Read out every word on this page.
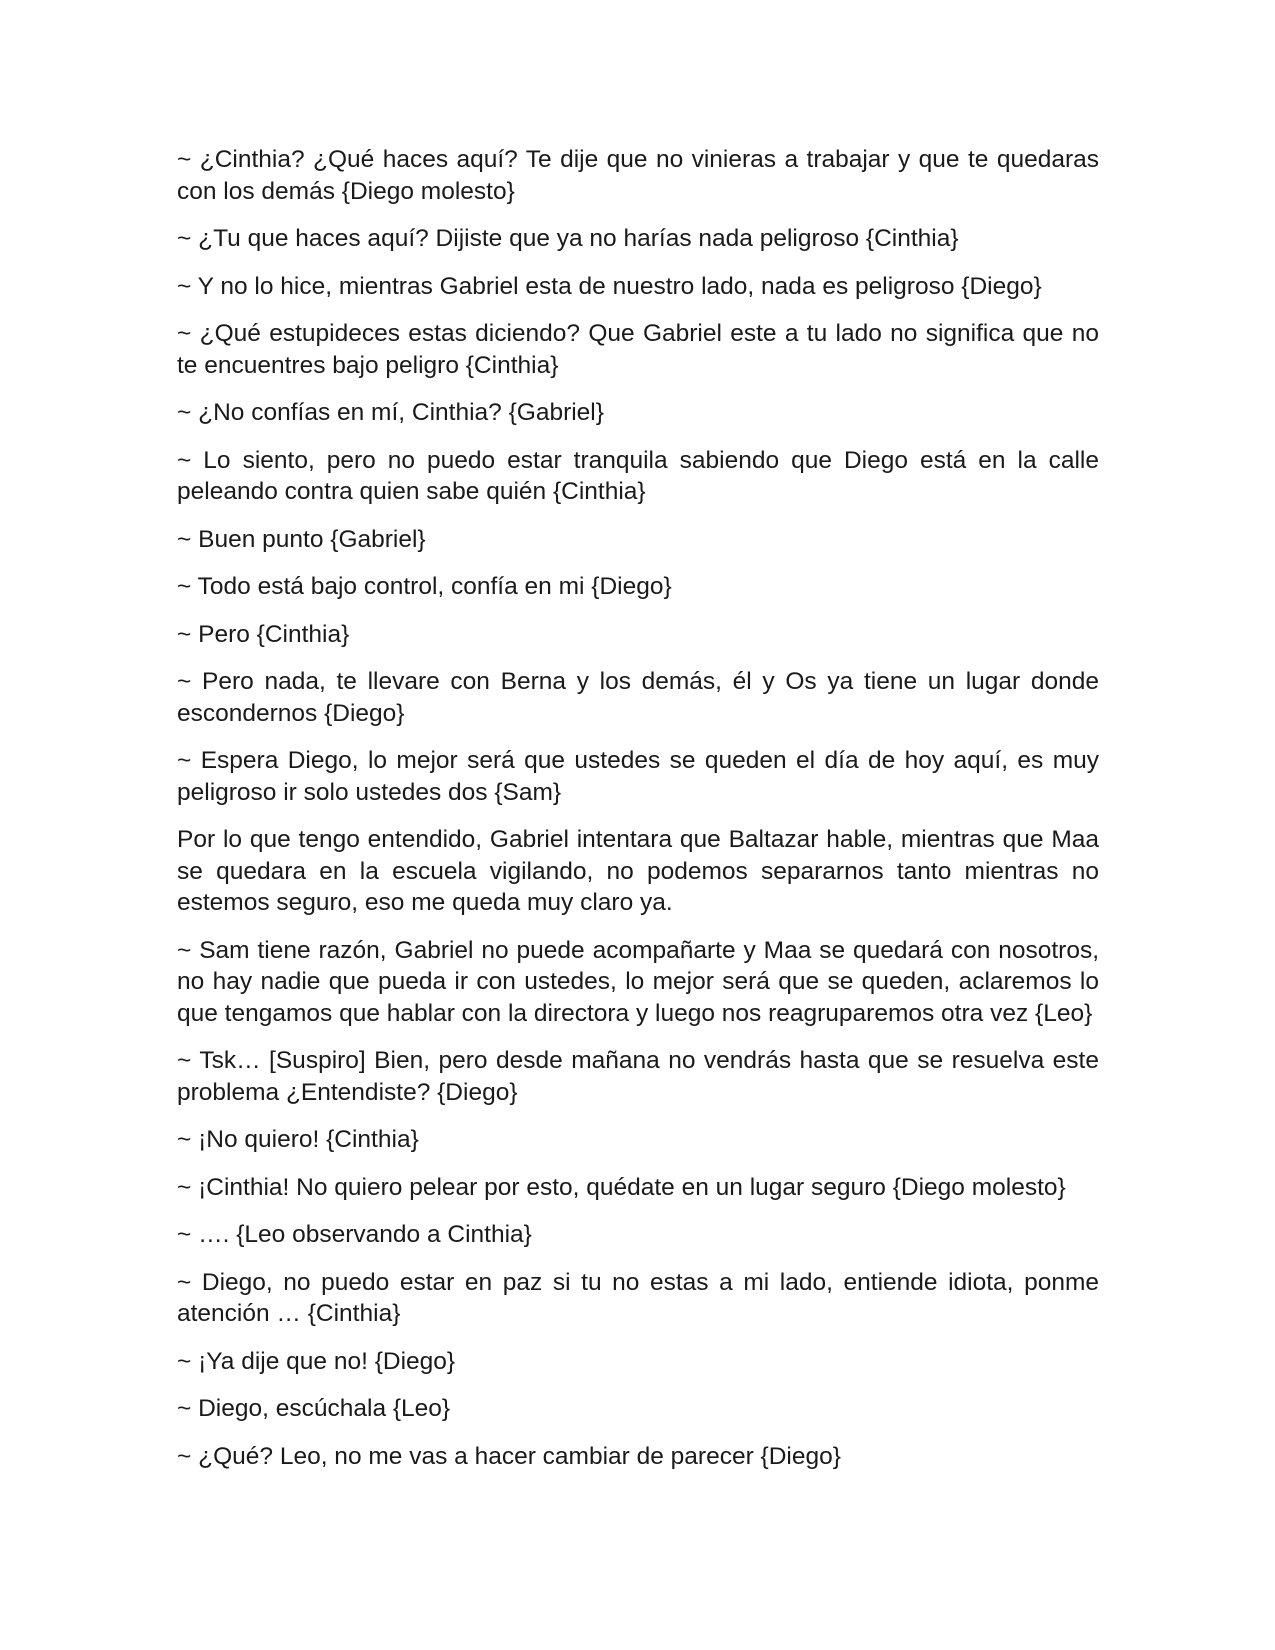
~ ¿Cinthia? ¿Qué haces aquí? Te dije que no vinieras a trabajar y que te quedaras con los demás {Diego molesto}

~ ¿Tu que haces aquí? Dijiste que ya no harías nada peligroso {Cinthia}

~ Y no lo hice, mientras Gabriel esta de nuestro lado, nada es peligroso {Diego}

~ ¿Qué estupideces estas diciendo? Que Gabriel este a tu lado no significa que no te encuentres bajo peligro {Cinthia}

~ ¿No confías en mí, Cinthia? {Gabriel}

~ Lo siento, pero no puedo estar tranquila sabiendo que Diego está en la calle peleando contra quien sabe quién {Cinthia}

~ Buen punto {Gabriel}

~ Todo está bajo control, confía en mi {Diego}

~ Pero {Cinthia}

~ Pero nada, te llevare con Berna y los demás, él y Os ya tiene un lugar donde escondernos {Diego}

~ Espera Diego, lo mejor será que ustedes se queden el día de hoy aquí, es muy peligroso ir solo ustedes dos {Sam}

Por lo que tengo entendido, Gabriel intentara que Baltazar hable, mientras que Maa se quedara en la escuela vigilando, no podemos separarnos tanto mientras no estemos seguro, eso me queda muy claro ya.

~ Sam tiene razón, Gabriel no puede acompañarte y Maa se quedará con nosotros, no hay nadie que pueda ir con ustedes, lo mejor será que se queden, aclaremos lo que tengamos que hablar con la directora y luego nos reagruparemos otra vez {Leo}

~ Tsk… [Suspiro] Bien, pero desde mañana no vendrás hasta que se resuelva este problema ¿Entendiste? {Diego}

~ ¡No quiero! {Cinthia}

~ ¡Cinthia! No quiero pelear por esto, quédate en un lugar seguro {Diego molesto}

~ …. {Leo observando a Cinthia}

~ Diego, no puedo estar en paz si tu no estas a mi lado, entiende idiota, ponme atención … {Cinthia}

~ ¡Ya dije que no! {Diego}

~ Diego, escúchala {Leo}

~ ¿Qué? Leo, no me vas a hacer cambiar de parecer {Diego}
